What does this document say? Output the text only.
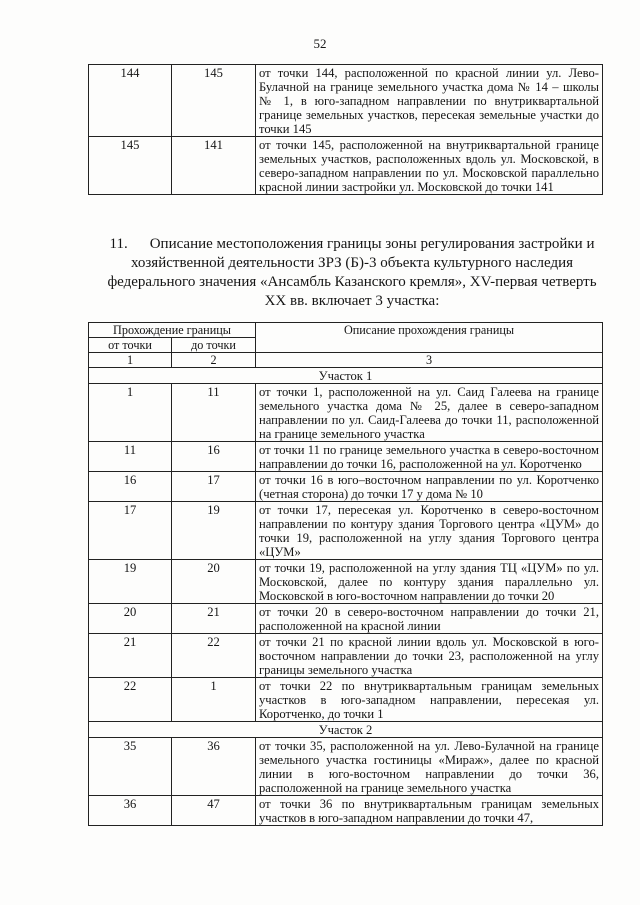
52
144	145	от точки 144, расположенной по красной линии ул. Лево-Булачной на границе земельного участка дома № 14 – школы № 1, в юго-западном направлении по внутриквартальной границе земельных участков, пересекая земельные участки до точки 145
145	141	от точки 145, расположенной на внутриквартальной границе земельных участков, расположенных вдоль ул. Московской, в северо-западном направлении по ул. Московской параллельно красной линии застройки ул. Московской до точки 141
11. Описание местоположения границы зоны регулирования застройки и
хозяйственной деятельности ЗРЗ (Б)-3 объекта культурного наследия
федерального значения «Ансамбль Казанского кремля», XV-первая четверть
XX вв. включает 3 участка:
Прохождение границы		Описание прохождения границы
от точки	до точки	
1	2	3
Участок 1		
1	11	от точки 1, расположенной на ул. Саид Галеева на границе земельного участка дома № 25, далее в северо-западном направлении по ул. Саид-Галеева до точки 11, расположенной на границе земельного участка
11	16	от точки 11 по границе земельного участка в северо-восточном направлении до точки 16, расположенной на ул. Коротченко
16	17	от точки 16 в юго–восточном направлении по ул. Коротченко (четная сторона) до точки 17 у дома № 10
17	19	от точки 17, пересекая ул. Коротченко в северо-восточном направлении по контуру здания Торгового центра «ЦУМ» до точки 19, расположенной на углу здания Торгового центра «ЦУМ»
19	20	от точки 19, расположенной на углу здания ТЦ «ЦУМ» по ул. Московской, далее по контуру здания параллельно ул. Московской в юго-восточном направлении до точки 20
20	21	от точки 20 в северо-восточном направлении до точки 21, расположенной на красной линии
21	22	от точки 21 по красной линии вдоль ул. Московской в юго-восточном направлении до точки 23, расположенной на углу границы земельного участка
22	1	от точки 22 по внутриквартальным границам земельных участков в юго-западном направлении, пересекая ул. Коротченко, до точки 1
Участок 2		
35	36	от точки 35, расположенной на ул. Лево-Булачной на границе земельного участка гостиницы «Мираж», далее по красной линии в юго-восточном направлении до точки 36, расположенной на границе земельного участка
36	47	от точки 36 по внутриквартальным границам земельных участков в юго-западном направлении до точки 47,
